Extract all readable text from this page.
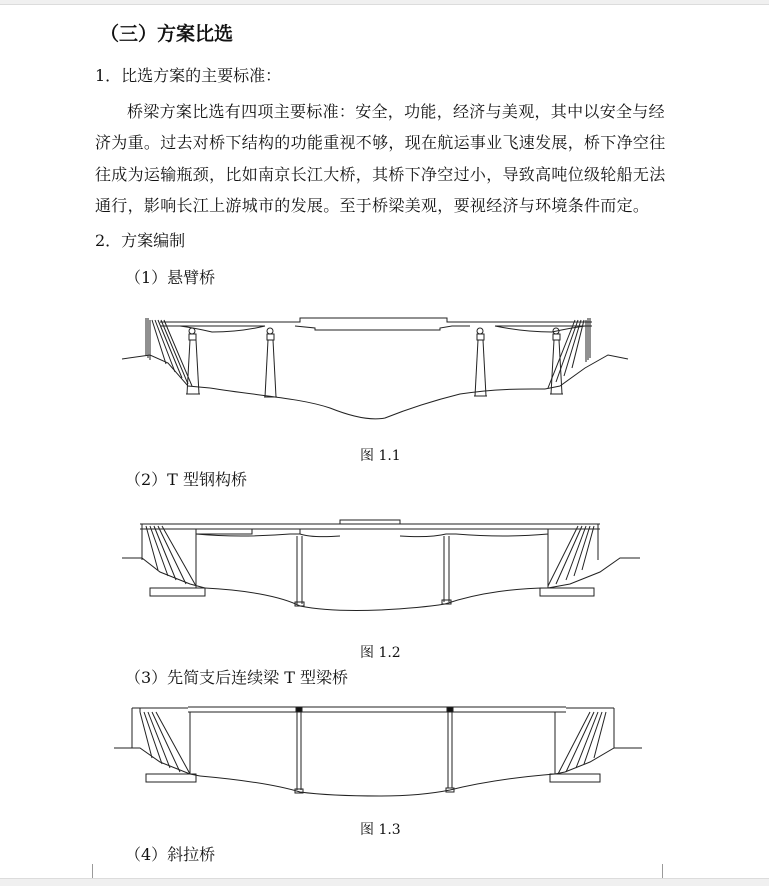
（三）方案比选
1．比选方案的主要标准：
桥梁方案比选有四项主要标准：安全，功能，经济与美观，其中以安全与经济为重。过去对桥下结构的功能重视不够，现在航运事业飞速发展，桥下净空往往成为运输瓶颈，比如南京长江大桥，其桥下净空过小，导致高吨位级轮船无法通行，影响长江上游城市的发展。至于桥梁美观，要视经济与环境条件而定。
2．方案编制
（1）悬臂桥
图 1.1
（2）T 型钢构桥
图 1.2
（3）先简支后连续梁 T 型梁桥
图 1.3
（4）斜拉桥
